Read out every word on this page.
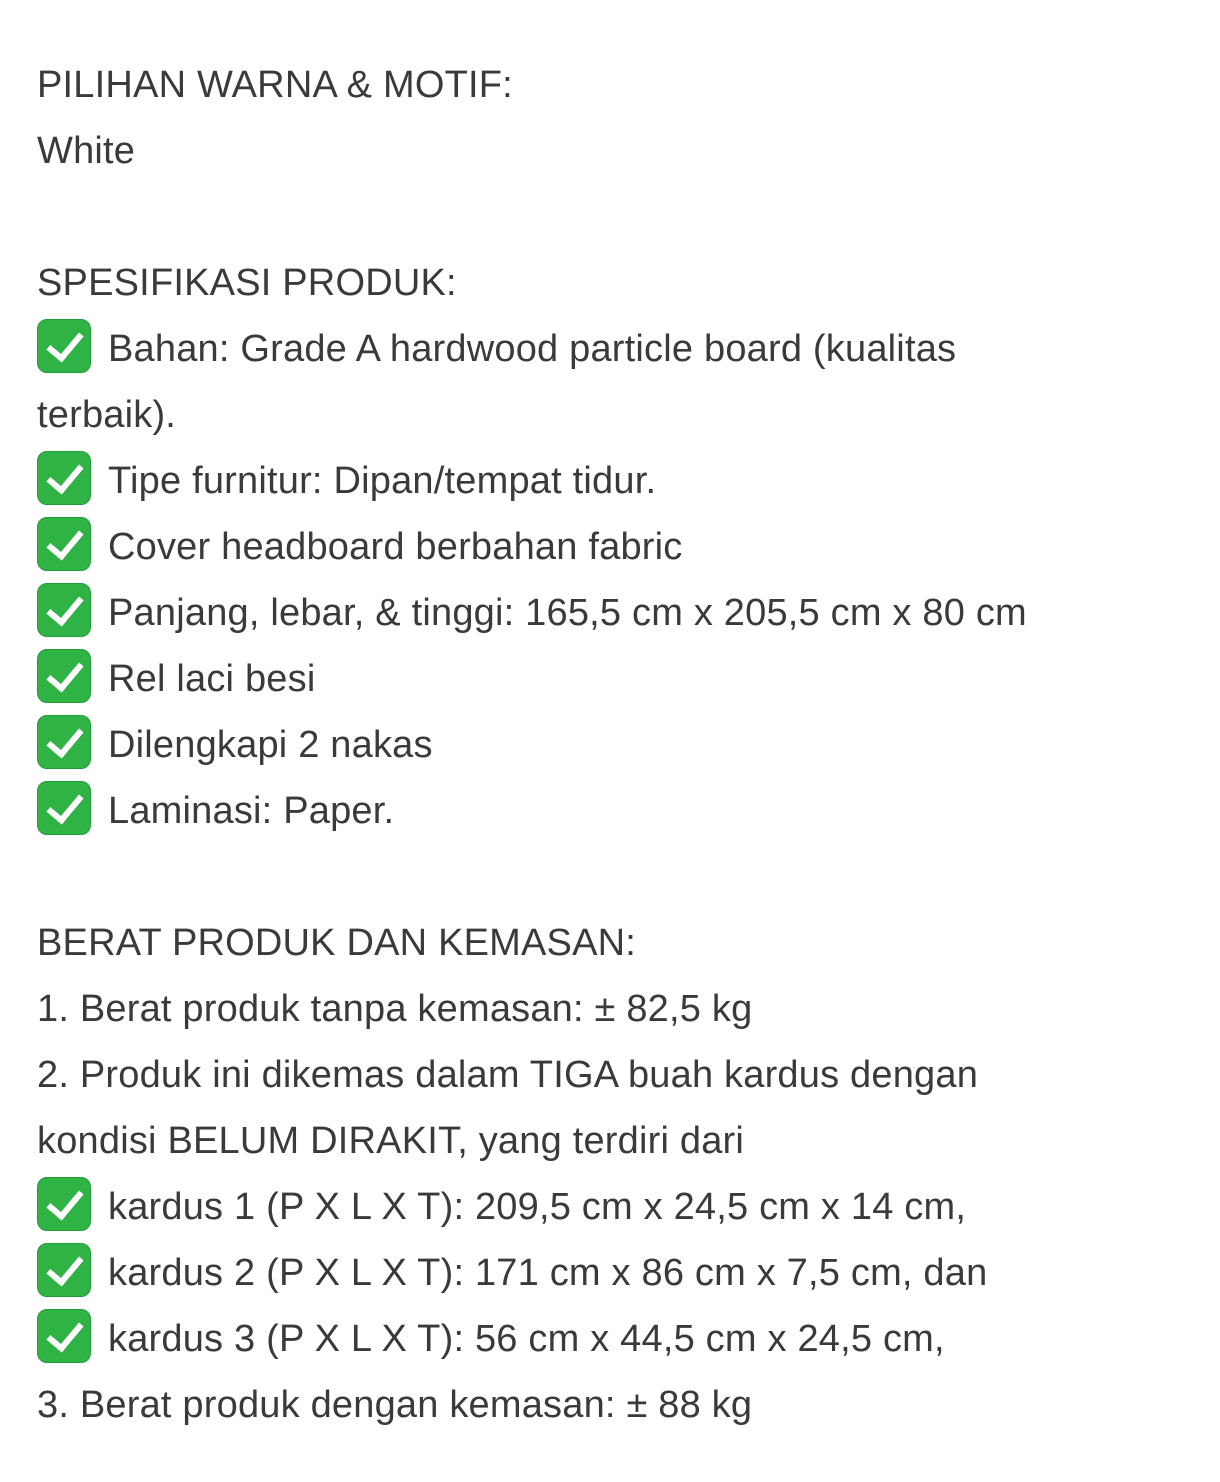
PILIHAN WARNA & MOTIF:
White
SPESIFIKASI PRODUK:
Bahan: Grade A hardwood particle board (kualitas
terbaik).
Tipe furnitur: Dipan/tempat tidur.
Cover headboard berbahan fabric
Panjang, lebar, & tinggi: 165,5 cm x 205,5 cm x 80 cm
Rel laci besi
Dilengkapi 2 nakas
Laminasi: Paper.
BERAT PRODUK DAN KEMASAN:
1. Berat produk tanpa kemasan: ± 82,5 kg
2. Produk ini dikemas dalam TIGA buah kardus dengan
kondisi BELUM DIRAKIT, yang terdiri dari
kardus 1 (P X L X T): 209,5 cm x 24,5 cm x 14 cm,
kardus 2 (P X L X T): 171 cm x 86 cm x 7,5 cm, dan
kardus 3 (P X L X T): 56 cm x 44,5 cm x 24,5 cm,
3. Berat produk dengan kemasan: ± 88 kg
